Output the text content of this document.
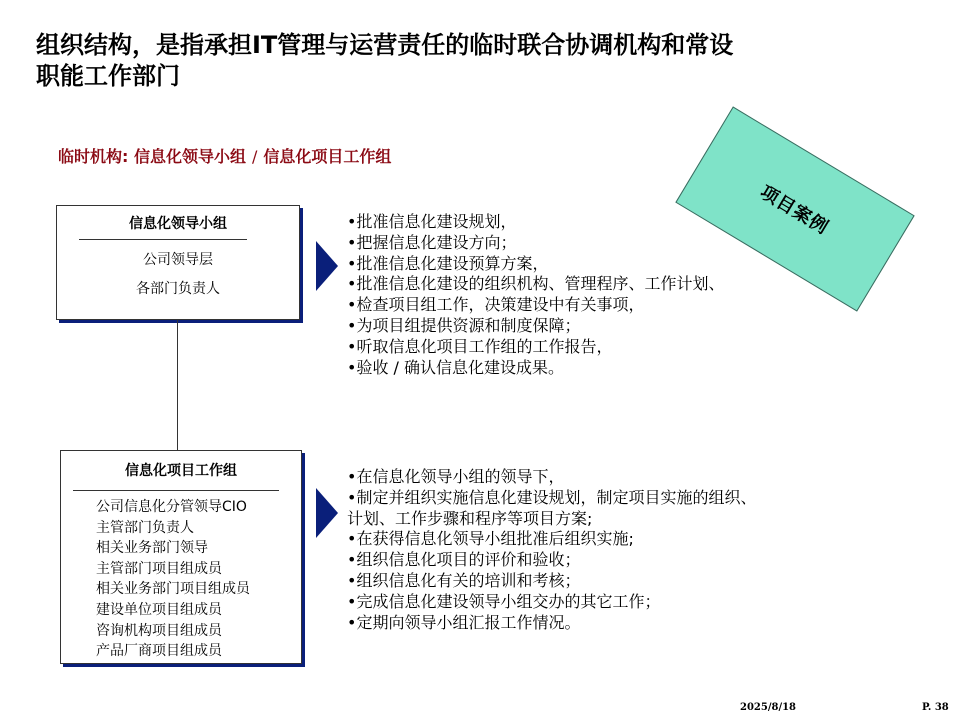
组织结构，是指承担IT管理与运营责任的临时联合协调机构和常设职能工作部门
临时机构: 信息化领导小组 / 信息化项目工作组
项目案例
信息化领导小组
公司领导层
各部门负责人
信息化项目工作组
公司信息化分管领导CIO
主管部门负责人
相关业务部门领导
主管部门项目组成员
相关业务部门项目组成员
建设单位项目组成员
咨询机构项目组成员
产品厂商项目组成员
•批准信息化建设规划，
•把握信息化建设方向；
•批准信息化建设预算方案，
•批准信息化建设的组织机构、管理程序、工作计划、
•检查项目组工作，决策建设中有关事项，
•为项目组提供资源和制度保障；
•听取信息化项目工作组的工作报告，
•验收 / 确认信息化建设成果。
•在信息化领导小组的领导下，
•制定并组织实施信息化建设规划，制定项目实施的组织、
计划、工作步骤和程序等项目方案;
•在获得信息化领导小组批准后组织实施;
•组织信息化项目的评价和验收；
•组织信息化有关的培训和考核；
•完成信息化建设领导小组交办的其它工作；
•定期向领导小组汇报工作情况。
2025/8/18	P. 38
